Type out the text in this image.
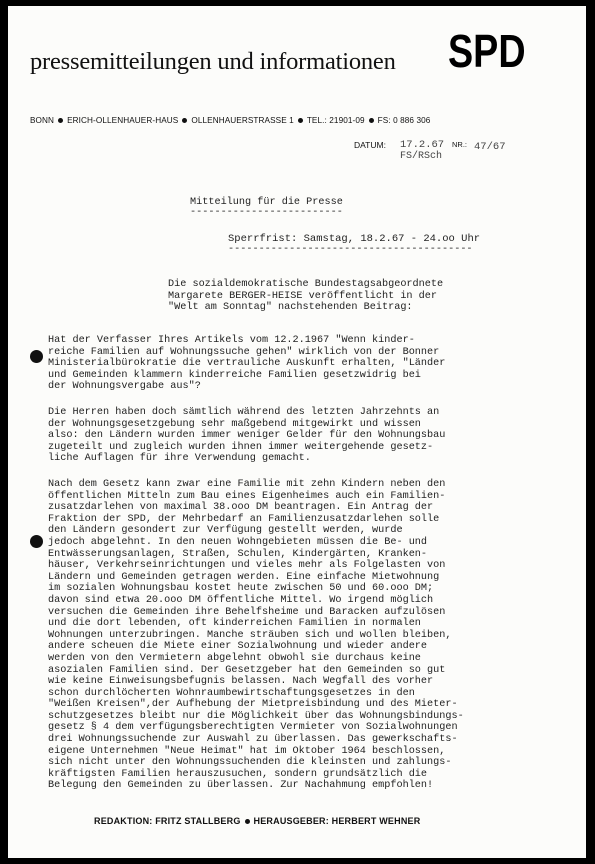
pressemitteilungen und informationen SPD
BONN ERICH-OLLENHAUER-HAUS OLLENHAUERSTRASSE 1 TEL.: 21901-09 FS: 0 886 306
DATUM: 17.2.67 NR.: 47/67
FS/RSch
Mitteilung für die Presse
-------------------------
Sperrfrist: Samstag, 18.2.67 - 24.oo Uhr
----------------------------------------
Die sozialdemokratische Bundestagsabgeordnete
Margarete BERGER-HEISE veröffentlicht in der
"Welt am Sonntag" nachstehenden Beitrag:
Hat der Verfasser Ihres Artikels vom 12.2.1967 "Wenn kinder-
reiche Familien auf Wohnungssuche gehen" wirklich von der Bonner
Ministerialbürokratie die vertrauliche Auskunft erhalten, "Länder
und Gemeinden klammern kinderreiche Familien gesetzwidrig bei
der Wohnungsvergabe aus"?
Die Herren haben doch sämtlich während des letzten Jahrzehnts an
der Wohnungsgesetzgebung sehr maßgebend mitgewirkt und wissen
also: den Ländern wurden immer weniger Gelder für den Wohnungsbau
zugeteilt und zugleich wurden ihnen immer weitergehende gesetz-
liche Auflagen für ihre Verwendung gemacht.
Nach dem Gesetz kann zwar eine Familie mit zehn Kindern neben den
öffentlichen Mitteln zum Bau eines Eigenheimes auch ein Familien-
zusatzdarlehen von maximal 38.ooo DM beantragen. Ein Antrag der
Fraktion der SPD, der Mehrbedarf an Familienzusatzdarlehen solle
den Ländern gesondert zur Verfügung gestellt werden, wurde
jedoch abgelehnt. In den neuen Wohngebieten müssen die Be- und
Entwässerungsanlagen, Straßen, Schulen, Kindergärten, Kranken-
häuser, Verkehrseinrichtungen und vieles mehr als Folgelasten von
Ländern und Gemeinden getragen werden. Eine einfache Mietwohnung
im sozialen Wohnungsbau kostet heute zwischen 50 und 60.ooo DM;
davon sind etwa 20.ooo DM öffentliche Mittel. Wo irgend möglich
versuchen die Gemeinden ihre Behelfsheime und Baracken aufzulösen
und die dort lebenden, oft kinderreichen Familien in normalen
Wohnungen unterzubringen. Manche sträuben sich und wollen bleiben,
andere scheuen die Miete einer Sozialwohnung und wieder andere
werden von den Vermietern abgelehnt obwohl sie durchaus keine
asozialen Familien sind. Der Gesetzgeber hat den Gemeinden so gut
wie keine Einweisungsbefugnis belassen. Nach Wegfall des vorher
schon durchlöcherten Wohnraumbewirtschaftungsgesetzes in den
"Weißen Kreisen",der Aufhebung der Mietpreisbindung und des Mieter-
schutzgesetzes bleibt nur die Möglichkeit über das Wohnungsbindungs-
gesetz § 4 dem verfügungsberechtigten Vermieter von Sozialwohnungen
drei Wohnungssuchende zur Auswahl zu überlassen. Das gewerkschafts-
eigene Unternehmen "Neue Heimat" hat im Oktober 1964 beschlossen,
sich nicht unter den Wohnungssuchenden die kleinsten und zahlungs-
kräftigsten Familien herauszusuchen, sondern grundsätzlich die
Belegung den Gemeinden zu überlassen. Zur Nachahmung empfohlen!
REDAKTION: FRITZ STALLBERG HERAUSGEBER: HERBERT WEHNER
